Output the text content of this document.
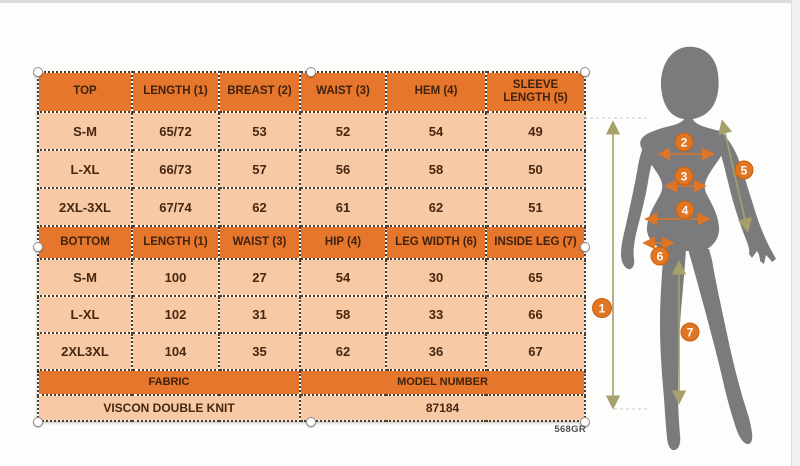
TOP	LENGTH (1)	BREAST (2)	WAIST (3)	HEM (4)	SLEEVE LENGTH (5)
S-M	65/72	53	52	54	49
L-XL	66/73	57	56	58	50
2XL-3XL	67/74	62	61	62	51
BOTTOM	LENGTH (1)	WAIST (3)	HIP (4)	LEG WIDTH (6)	INSIDE LEG (7)
S-M	100	27	54	30	65
L-XL	102	31	58	33	66
2XL3XL	104	35	62	36	67
FABRIC			MODEL NUMBER		
VISCON DOUBLE KNIT			87184		
568GR
1
2
3
4
5
6
7
